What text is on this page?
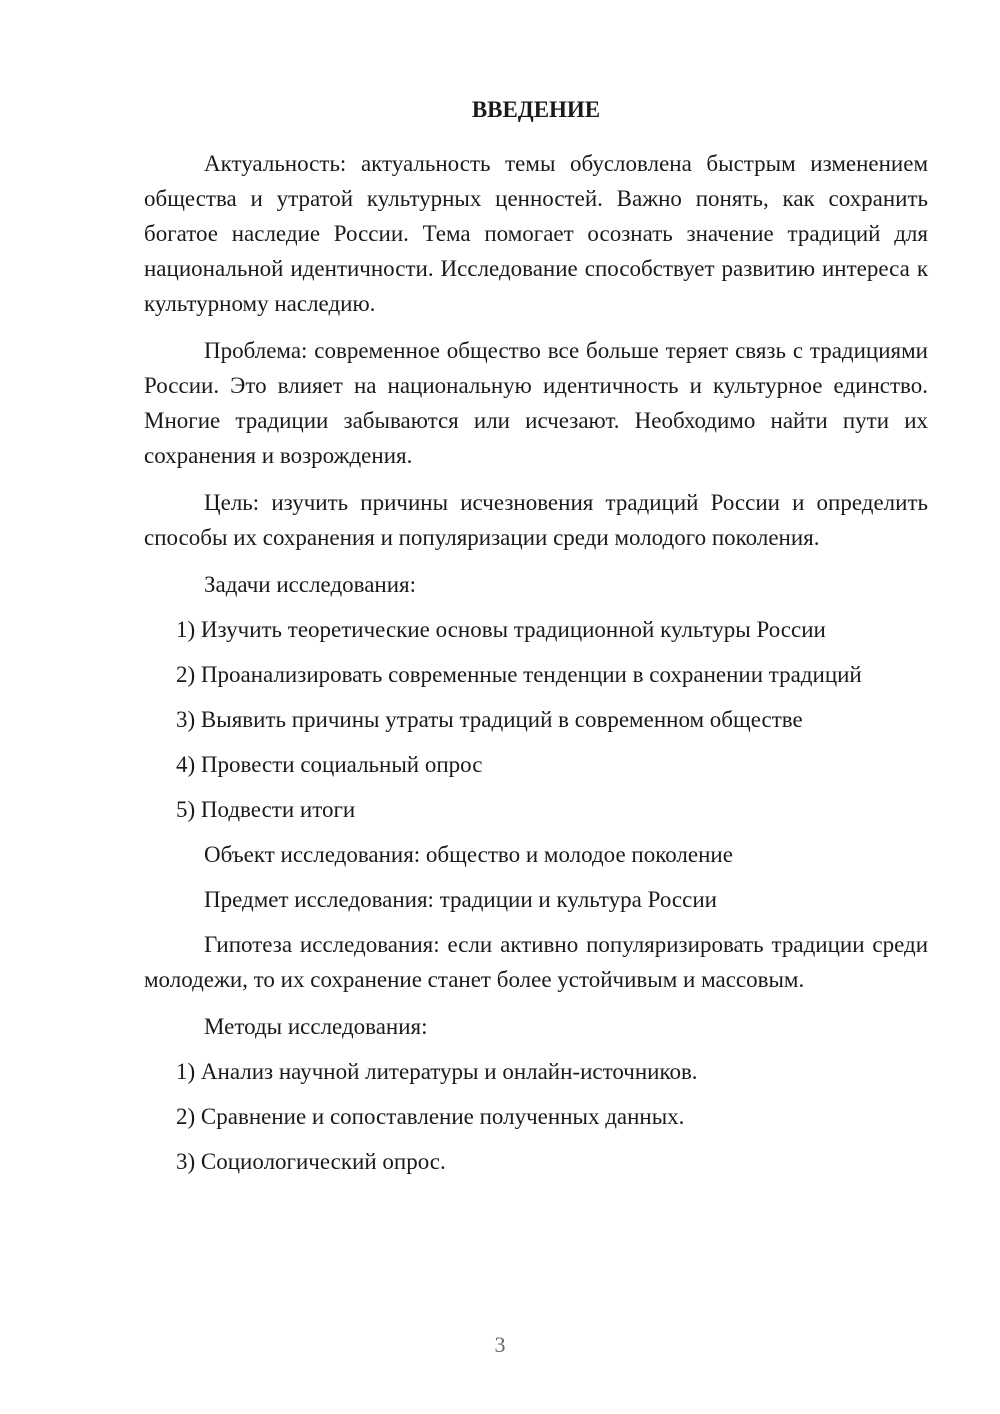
ВВЕДЕНИЕ

Актуальность: актуальность темы обусловлена быстрым изменением общества и утратой культурных ценностей. Важно понять, как сохранить богатое наследие России. Тема помогает осознать значение традиций для национальной идентичности. Исследование способствует развитию интереса к культурному наследию.

Проблема: современное общество все больше теряет связь с традициями России. Это влияет на национальную идентичность и культурное единство. Многие традиции забываются или исчезают. Необходимо найти пути их сохранения и возрождения.

Цель: изучить причины исчезновения традиций России и определить способы их сохранения и популяризации среди молодого поколения.

Задачи исследования:
1) Изучить теоретические основы традиционной культуры России
2) Проанализировать современные тенденции в сохранении традиций
3) Выявить причины утраты традиций в современном обществе
4) Провести социальный опрос
5) Подвести итоги
Объект исследования: общество и молодое поколение
Предмет исследования: традиции и культура России

Гипотеза исследования: если активно популяризировать традиции среди молодежи, то их сохранение станет более устойчивым и массовым.

Методы исследования:
1) Анализ научной литературы и онлайн-источников.
2) Сравнение и сопоставление полученных данных.
3) Социологический опрос.
3
